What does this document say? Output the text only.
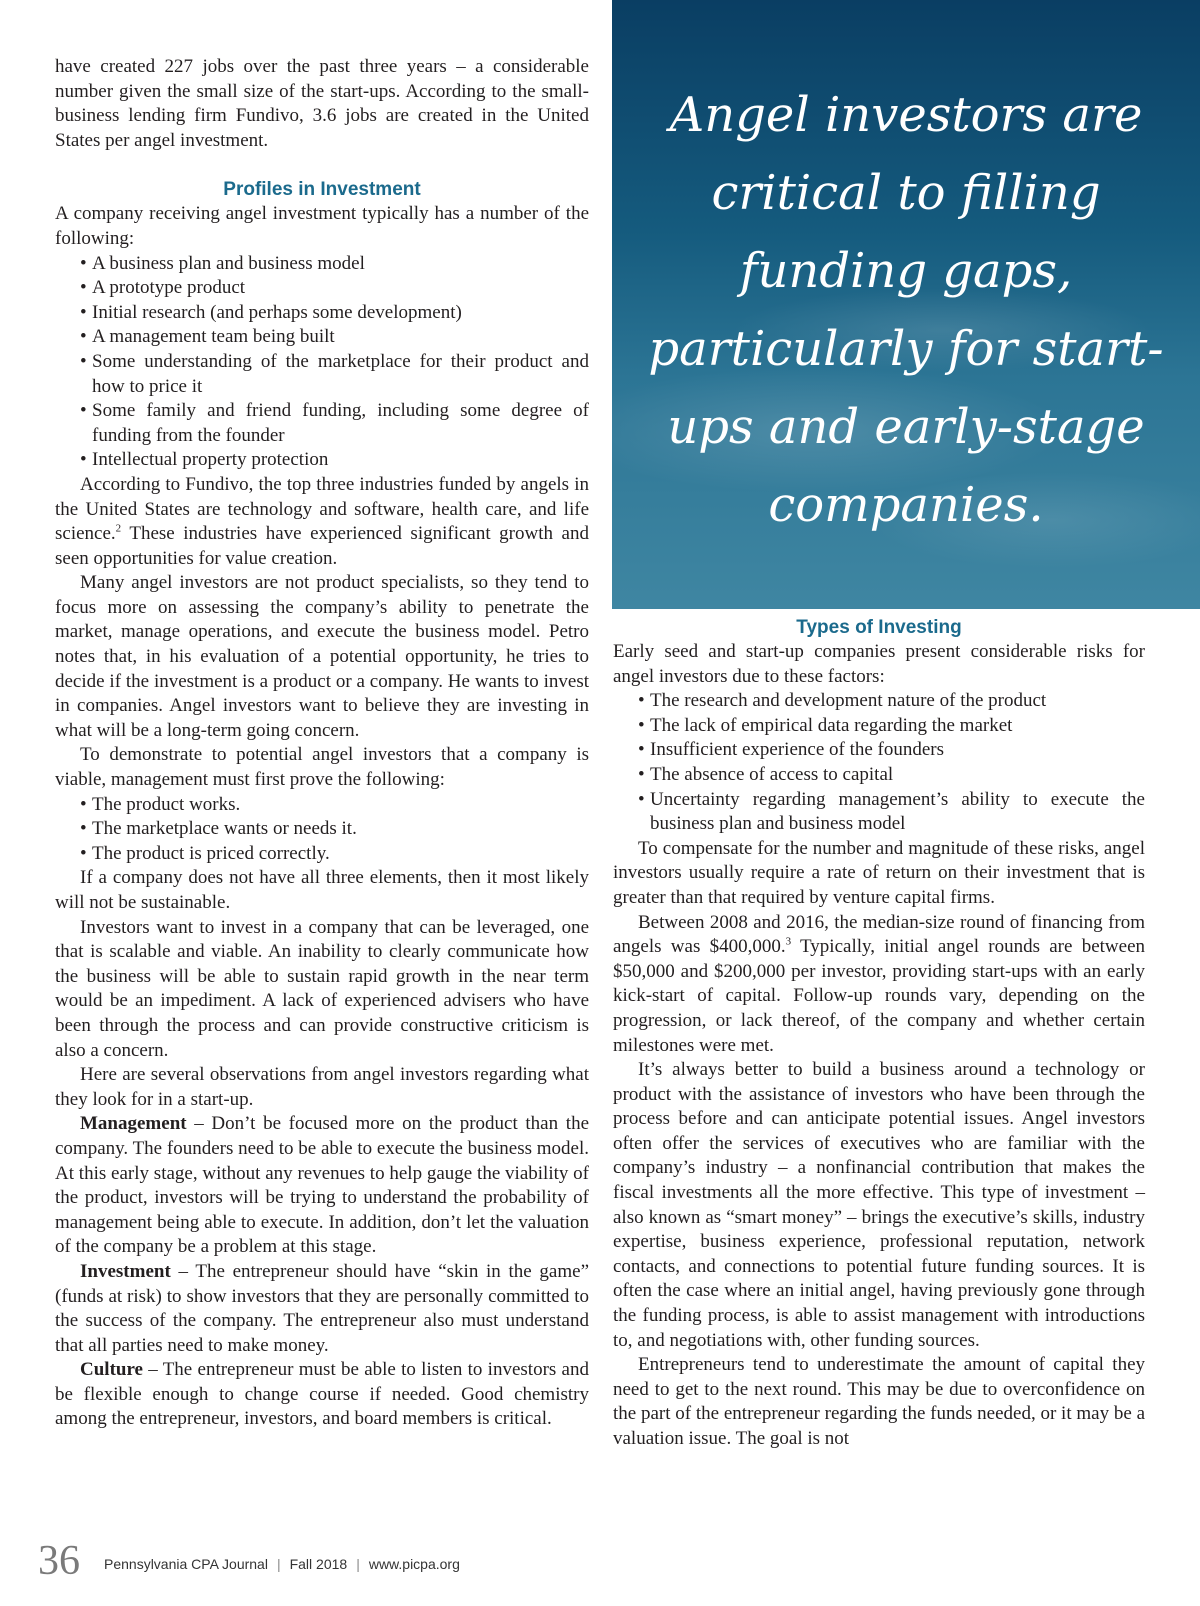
have created 227 jobs over the past three years – a considerable number given the small size of the start-ups. According to the small-business lending firm Fundivo, 3.6 jobs are created in the United States per angel investment.

Profiles in Investment

A company receiving angel investment typically has a number of the following:

• A business plan and business model
• A prototype product
• Initial research (and perhaps some development)
• A management team being built
• Some understanding of the marketplace for their product and how to price it
• Some family and friend funding, including some degree of funding from the founder
• Intellectual property protection

According to Fundivo, the top three industries funded by angels in the United States are technology and software, health care, and life science.$^2$ These industries have experienced significant growth and seen opportunities for value creation.

Many angel investors are not product specialists, so they tend to focus more on assessing the company’s ability to penetrate the market, manage operations, and execute the business model. Petro notes that, in his evaluation of a potential opportunity, he tries to decide if the investment is a product or a company. He wants to invest in companies. Angel investors want to believe they are investing in what will be a long-term going concern.

To demonstrate to potential angel investors that a company is viable, management must first prove the following:

• The product works.
• The marketplace wants or needs it.
• The product is priced correctly.

If a company does not have all three elements, then it most likely will not be sustainable.

Investors want to invest in a company that can be leveraged, one that is scalable and viable. An inability to clearly communicate how the business will be able to sustain rapid growth in the near term would be an impediment. A lack of experienced advisers who have been through the process and can provide constructive criticism is also a concern.

Here are several observations from angel investors regarding what they look for in a start-up.

Management – Don’t be focused more on the product than the company. The founders need to be able to execute the business model. At this early stage, without any revenues to help gauge the viability of the product, investors will be trying to understand the probability of management being able to execute. In addition, don’t let the valuation of the company be a problem at this stage.

Investment – The entrepreneur should have “skin in the game” (funds at risk) to show investors that they are personally committed to the success of the company. The entrepreneur also must understand that all parties need to make money.

Culture – The entrepreneur must be able to listen to investors and be flexible enough to change course if needed. Good chemistry among the entrepreneur, investors, and board members is critical.

Angel investors are critical to filling funding gaps, particularly for start-ups and early-stage companies.

Types of Investing

Early seed and start-up companies present considerable risks for angel investors due to these factors:

• The research and development nature of the product
• The lack of empirical data regarding the market
• Insufficient experience of the founders
• The absence of access to capital
• Uncertainty regarding management’s ability to execute the business plan and business model

To compensate for the number and magnitude of these risks, angel investors usually require a rate of return on their investment that is greater than that required by venture capital firms.

Between 2008 and 2016, the median-size round of financing from angels was $400,000.$^3$ Typically, initial angel rounds are between $50,000 and $200,000 per investor, providing start-ups with an early kick-start of capital. Follow-up rounds vary, depending on the progression, or lack thereof, of the company and whether certain milestones were met.

It’s always better to build a business around a technology or product with the assistance of investors who have been through the process before and can anticipate potential issues. Angel investors often offer the services of executives who are familiar with the company’s industry – a nonfinancial contribution that makes the fiscal investments all the more effective. This type of investment – also known as “smart money” – brings the executive’s skills, industry expertise, business experience, professional reputation, network contacts, and connections to potential future funding sources. It is often the case where an initial angel, having previously gone through the funding process, is able to assist management with introductions to, and negotiations with, other funding sources.

Entrepreneurs tend to underestimate the amount of capital they need to get to the next round. This may be due to overconfidence on the part of the entrepreneur regarding the funds needed, or it may be a valuation issue. The goal is not

36 Pennsylvania CPA Journal | Fall 2018 | www.picpa.org
